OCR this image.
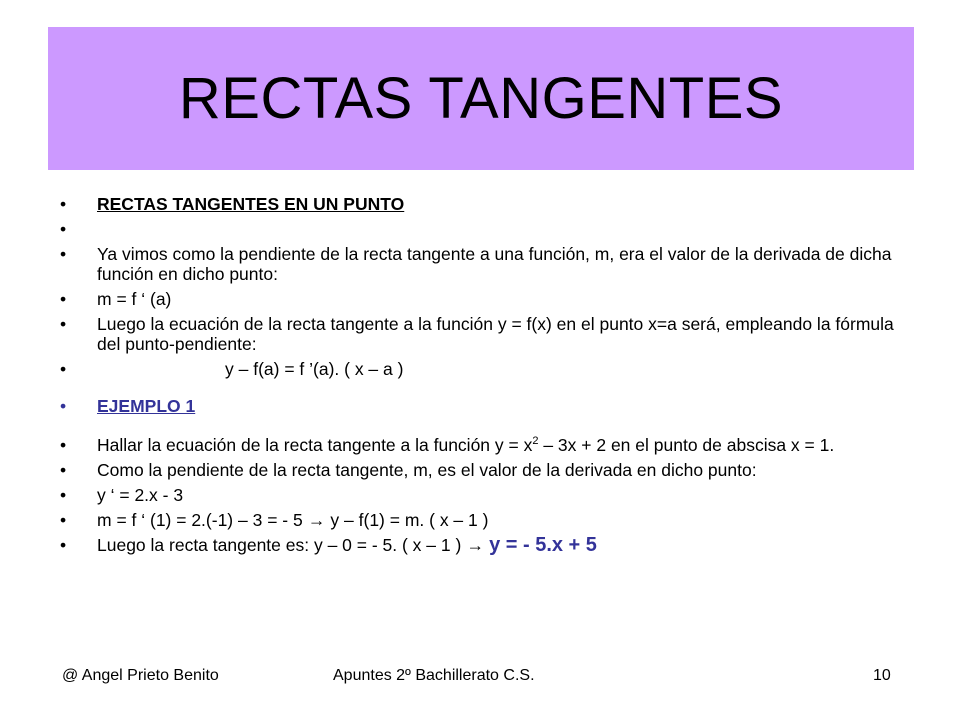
RECTAS TANGENTES
• RECTAS TANGENTES EN UN PUNTO
•
• Ya vimos como la pendiente de la recta tangente a una función, m, era el valor de la derivada de dicha función en dicho punto:
• m = f ‘ (a)
• Luego la ecuación de la recta tangente a la función y = f(x) en el punto x=a será, empleando la fórmula del punto-pendiente:
•	y – f(a) = f ’(a). ( x – a )
• EJEMPLO 1
• Hallar la ecuación de la recta tangente a la función $y = x^2 - 3x + 2$ en el punto de abscisa x = 1.
• Como la pendiente de la recta tangente, m, es el valor de la derivada en dicho punto:
• y ‘ = 2.x - 3
• m = f ‘ (1) = 2.(-1) – 3 = - 5 → y – f(1) = m. ( x – 1 )
• Luego la recta tangente es: y – 0 = - 5. ( x – 1 ) → y = - 5.x + 5
@ Angel Prieto Benito	Apuntes 2º Bachillerato C.S.	10
